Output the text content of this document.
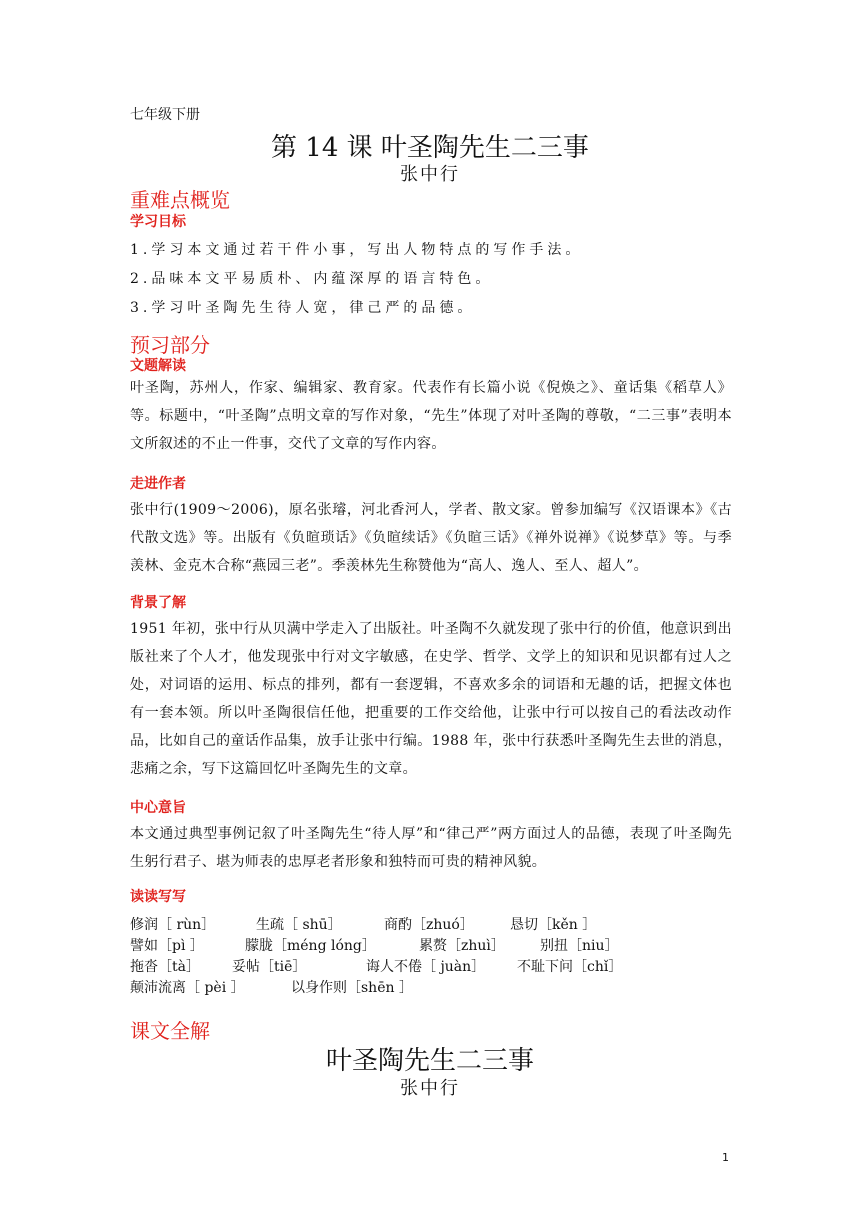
七年级下册
第 14 课 叶圣陶先生二三事
张中行
重难点概览
学习目标
1.学习本文通过若干件小事，写出人物特点的写作手法。
2.品味本文平易质朴、内蕴深厚的语言特色。
3.学习叶圣陶先生待人宽，律己严的品德。
预习部分
文题解读
叶圣陶，苏州人，作家、编辑家、教育家。代表作有长篇小说《倪焕之》、童话集《稻草人》等。标题中，“叶圣陶”点明文章的写作对象，“先生”体现了对叶圣陶的尊敬，“二三事”表明本文所叙述的不止一件事，交代了文章的写作内容。
走进作者
张中行(1909～2006)，原名张璿，河北香河人，学者、散文家。曾参加编写《汉语课本》《古代散文选》等。出版有《负暄琐话》《负暄续话》《负暄三话》《禅外说禅》《说梦草》等。与季羡林、金克木合称“燕园三老”。季羡林先生称赞他为“高人、逸人、至人、超人”。
背景了解
1951 年初，张中行从贝满中学走入了出版社。叶圣陶不久就发现了张中行的价值，他意识到出版社来了个人才，他发现张中行对文字敏感，在史学、哲学、文学上的知识和见识都有过人之处，对词语的运用、标点的排列，都有一套逻辑，不喜欢多余的词语和无趣的话，把握文体也有一套本领。所以叶圣陶很信任他，把重要的工作交给他，让张中行可以按自己的看法改动作品，比如自己的童话作品集，放手让张中行编。1988 年，张中行获悉叶圣陶先生去世的消息，悲痛之余，写下这篇回忆叶圣陶先生的文章。
中心意旨
本文通过典型事例记叙了叶圣陶先生“待人厚”和“律己严”两方面过人的品德，表现了叶圣陶先生躬行君子、堪为师表的忠厚老者形象和独特而可贵的精神风貌。
读读写写
修润［ rùn］	生疏［ shū］	商酌［zhuó］	恳切［kěn ］
譬如［pì ］	朦胧［méng lóng］	累赘［zhuì］	别扭［niu］
拖沓［tà］ 妥帖［tiē］	诲人不倦［ juàn］ 不耻下问［chǐ］
颠沛流离［ pèi ］	以身作则［shēn ］
课文全解
叶圣陶先生二三事
张中行
1
